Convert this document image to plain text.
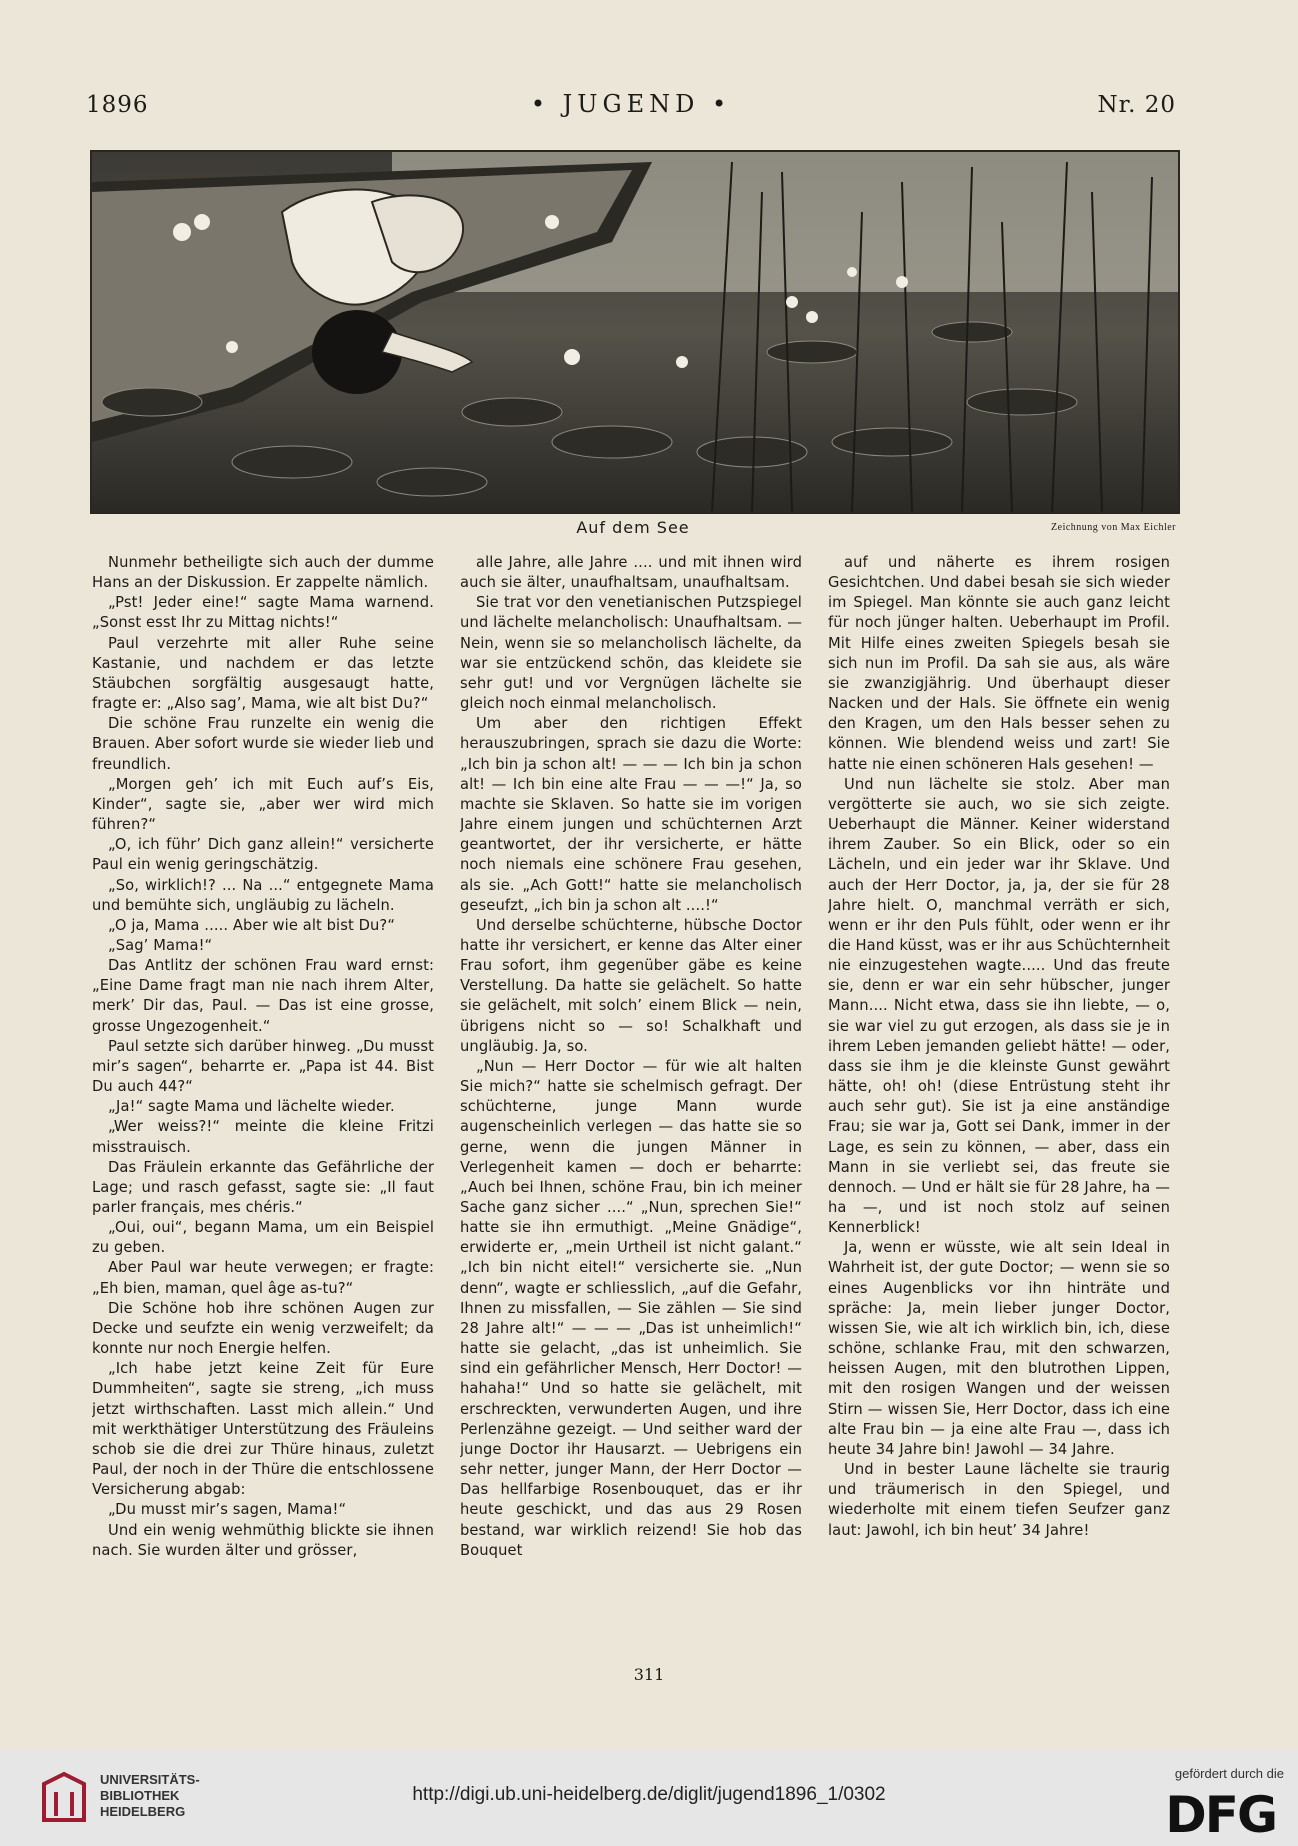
1896	• JUGEND •	Nr. 20
Auf dem See	Zeichnung von Max Eichler

Nunmehr betheiligte sich auch der dumme Hans an der Diskussion. Er zappelte nämlich.

„Pst! Jeder eine!“ sagte Mama warnend. „Sonst esst Ihr zu Mittag nichts!“

Paul verzehrte mit aller Ruhe seine Kastanie, und nachdem er das letzte Stäubchen sorgfältig ausgesaugt hatte, fragte er: „Also sag’, Mama, wie alt bist Du?“

Die schöne Frau runzelte ein wenig die Brauen. Aber sofort wurde sie wieder lieb und freundlich.

„Morgen geh’ ich mit Euch auf’s Eis, Kinder“, sagte sie, „aber wer wird mich führen?“

„O, ich führ’ Dich ganz allein!“ versicherte Paul ein wenig geringschätzig.

„So, wirklich!? ... Na ...“ entgegnete Mama und bemühte sich, ungläubig zu lächeln.

„O ja, Mama ..... Aber wie alt bist Du?“

„Sag’ Mama!“

Das Antlitz der schönen Frau ward ernst: „Eine Dame fragt man nie nach ihrem Alter, merk’ Dir das, Paul. — Das ist eine grosse, grosse Ungezogenheit.“

Paul setzte sich darüber hinweg. „Du musst mir’s sagen“, beharrte er. „Papa ist 44. Bist Du auch 44?“

„Ja!“ sagte Mama und lächelte wieder.

„Wer weiss?!“ meinte die kleine Fritzi misstrauisch.

Das Fräulein erkannte das Gefährliche der Lage; und rasch gefasst, sagte sie: „Il faut parler français, mes chéris.“

„Oui, oui“, begann Mama, um ein Beispiel zu geben.

Aber Paul war heute verwegen; er fragte: „Eh bien, maman, quel âge as-tu?“

Die Schöne hob ihre schönen Augen zur Decke und seufzte ein wenig verzweifelt; da konnte nur noch Energie helfen.

„Ich habe jetzt keine Zeit für Eure Dummheiten“, sagte sie streng, „ich muss jetzt wirthschaften. Lasst mich allein.“ Und mit werkthätiger Unterstützung des Fräuleins schob sie die drei zur Thüre hinaus, zuletzt Paul, der noch in der Thüre die entschlossene Versicherung abgab:

„Du musst mir’s sagen, Mama!“

Und ein wenig wehmüthig blickte sie ihnen nach. Sie wurden älter und grösser,

alle Jahre, alle Jahre .... und mit ihnen wird auch sie älter, unaufhaltsam, unaufhaltsam.

Sie trat vor den venetianischen Putzspiegel und lächelte melancholisch: Unaufhaltsam. — Nein, wenn sie so melancholisch lächelte, da war sie entzückend schön, das kleidete sie sehr gut! und vor Vergnügen lächelte sie gleich noch einmal melancholisch.

Um aber den richtigen Effekt herauszubringen, sprach sie dazu die Worte: „Ich bin ja schon alt! — — — Ich bin ja schon alt! — Ich bin eine alte Frau — — —!“ Ja, so machte sie Sklaven. So hatte sie im vorigen Jahre einem jungen und schüchternen Arzt geantwortet, der ihr versicherte, er hätte noch niemals eine schönere Frau gesehen, als sie. „Ach Gott!“ hatte sie melancholisch geseufzt, „ich bin ja schon alt ....!“

Und derselbe schüchterne, hübsche Doctor hatte ihr versichert, er kenne das Alter einer Frau sofort, ihm gegenüber gäbe es keine Verstellung. Da hatte sie gelächelt. So hatte sie gelächelt, mit solch’ einem Blick — nein, übrigens nicht so — so! Schalkhaft und ungläubig. Ja, so.

„Nun — Herr Doctor — für wie alt halten Sie mich?“ hatte sie schelmisch gefragt. Der schüchterne, junge Mann wurde augenscheinlich verlegen — das hatte sie so gerne, wenn die jungen Männer in Verlegenheit kamen — doch er beharrte: „Auch bei Ihnen, schöne Frau, bin ich meiner Sache ganz sicher ....“ „Nun, sprechen Sie!“ hatte sie ihn ermuthigt. „Meine Gnädige“, erwiderte er, „mein Urtheil ist nicht galant.“ „Ich bin nicht eitel!“ versicherte sie. „Nun denn“, wagte er schliesslich, „auf die Gefahr, Ihnen zu missfallen, — Sie zählen — Sie sind 28 Jahre alt!“ — — — „Das ist unheimlich!“ hatte sie gelacht, „das ist unheimlich. Sie sind ein gefährlicher Mensch, Herr Doctor! — hahaha!“ Und so hatte sie gelächelt, mit erschreckten, verwunderten Augen, und ihre Perlenzähne gezeigt. — Und seither ward der junge Doctor ihr Hausarzt. — Uebrigens ein sehr netter, junger Mann, der Herr Doctor — Das hellfarbige Rosenbouquet, das er ihr heute geschickt, und das aus 29 Rosen bestand, war wirklich reizend! Sie hob das Bouquet

auf und näherte es ihrem rosigen Gesichtchen. Und dabei besah sie sich wieder im Spiegel. Man könnte sie auch ganz leicht für noch jünger halten. Ueberhaupt im Profil. Mit Hilfe eines zweiten Spiegels besah sie sich nun im Profil. Da sah sie aus, als wäre sie zwanzigjährig. Und überhaupt dieser Nacken und der Hals. Sie öffnete ein wenig den Kragen, um den Hals besser sehen zu können. Wie blendend weiss und zart! Sie hatte nie einen schöneren Hals gesehen! —

Und nun lächelte sie stolz. Aber man vergötterte sie auch, wo sie sich zeigte. Ueberhaupt die Männer. Keiner widerstand ihrem Zauber. So ein Blick, oder so ein Lächeln, und ein jeder war ihr Sklave. Und auch der Herr Doctor, ja, ja, der sie für 28 Jahre hielt. O, manchmal verräth er sich, wenn er ihr den Puls fühlt, oder wenn er ihr die Hand küsst, was er ihr aus Schüchternheit nie einzugestehen wagte..... Und das freute sie, denn er war ein sehr hübscher, junger Mann.... Nicht etwa, dass sie ihn liebte, — o, sie war viel zu gut erzogen, als dass sie je in ihrem Leben jemanden geliebt hätte! — oder, dass sie ihm je die kleinste Gunst gewährt hätte, oh! oh! (diese Entrüstung steht ihr auch sehr gut). Sie ist ja eine anständige Frau; sie war ja, Gott sei Dank, immer in der Lage, es sein zu können, — aber, dass ein Mann in sie verliebt sei, das freute sie dennoch. — Und er hält sie für 28 Jahre, ha — ha —, und ist noch stolz auf seinen Kennerblick!

Ja, wenn er wüsste, wie alt sein Ideal in Wahrheit ist, der gute Doctor; — wenn sie so eines Augenblicks vor ihn hinträte und spräche: Ja, mein lieber junger Doctor, wissen Sie, wie alt ich wirklich bin, ich, diese schöne, schlanke Frau, mit den schwarzen, heissen Augen, mit den blutrothen Lippen, mit den rosigen Wangen und der weissen Stirn — wissen Sie, Herr Doctor, dass ich eine alte Frau bin — ja eine alte Frau —, dass ich heute 34 Jahre bin! Jawohl — 34 Jahre.

Und in bester Laune lächelte sie traurig und träumerisch in den Spiegel, und wiederholte mit einem tiefen Seufzer ganz laut: Jawohl, ich bin heut’ 34 Jahre!

311
UNIVERSITÄTS-
BIBLIOTHEK
HEIDELBERG
http://digi.ub.uni-heidelberg.de/diglit/jugend1896_1/0302
gefördert durch die
DFG
